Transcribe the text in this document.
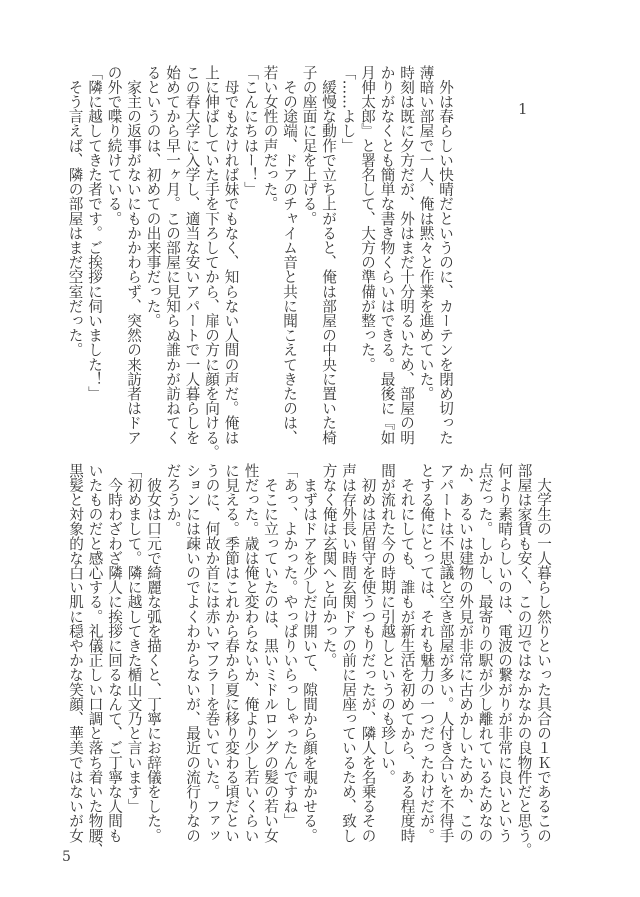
1
　外は春らしい快晴だというのに、カーテンを閉め切った
薄暗い部屋で一人、俺は黙々と作業を進めていた。
時刻は既に夕方だが、外はまだ十分明るいため、部屋の明
かりがなくとも簡単な書き物くらいはできる。最後に『如
月伸太郎』と署名して、大方の準備が整った。
「……よし」
　緩慢な動作で立ち上がると、俺は部屋の中央に置いた椅
子の座面に足を上げる。
　その途端、ドアのチャイム音と共に聞こえてきたのは、
若い女性の声だった。
「こんにちはー！」
　母でもなければ妹でもなく、知らない人間の声だ。俺は
上に伸ばしていた手を下ろしてから、扉の方に顔を向ける。
この春大学に入学し、適当な安いアパートで一人暮らしを
始めてから早一ヶ月。この部屋に見知らぬ誰かが訪ねてく
るというのは、初めての出来事だった。
　家主の返事がないにもかかわらず、突然の来訪者はドア
の外で喋り続けている。
「隣に越してきた者です。ご挨拶に伺いました！」
　そう言えば、隣の部屋はまだ空室だった。
　大学生の一人暮らし然りといった具合の１Ｋであるこの
部屋は家賃も安く、この辺ではなかなかの良物件だと思う。
何より素晴らしいのは、電波の繋がりが非常に良いという
点だった。しかし、最寄りの駅が少し離れているためなの
か、あるいは建物の外見が非常に古めかしいためか、この
アパートは不思議と空き部屋が多い。人付き合いを不得手
とする俺にとっては、それも魅力の一つだったわけだが。
　それにしても、誰もが新生活を初めてから、ある程度時
間が流れた今の時期に引越しというのも珍しい。
　初めは居留守を使うつもりだったが、隣人を名乗るその
声は存外長い時間玄関ドアの前に居座っているため、致し
方なく俺は玄関へと向かった。
　まずはドアを少しだけ開いて、隙間から顔を覗かせる。
「あっ、よかった。やっぱりいらっしゃったんですね」
　そこに立っていたのは、黒いミドルロングの髪の若い女
性だった。歳は俺と変わらないか、俺より少し若いくらい
に見える。季節はこれから春から夏に移り変わる頃だとい
うのに、何故か首には赤いマフラーを巻いていた。ファッ
ションには疎いのでよくわからないが、最近の流行りなの
だろうか。
　彼女は口元で綺麗な弧を描くと、丁寧にお辞儀をした。
「初めまして。隣に越してきた楯山文乃と言います」
　今時わざわざ隣人に挨拶に回るなんて、ご丁寧な人間も
いたものだと感心する。礼儀正しい口調と落ち着いた物腰、
黒髪と対象的な白い肌に穏やかな笑顔、華美ではないが女
5
